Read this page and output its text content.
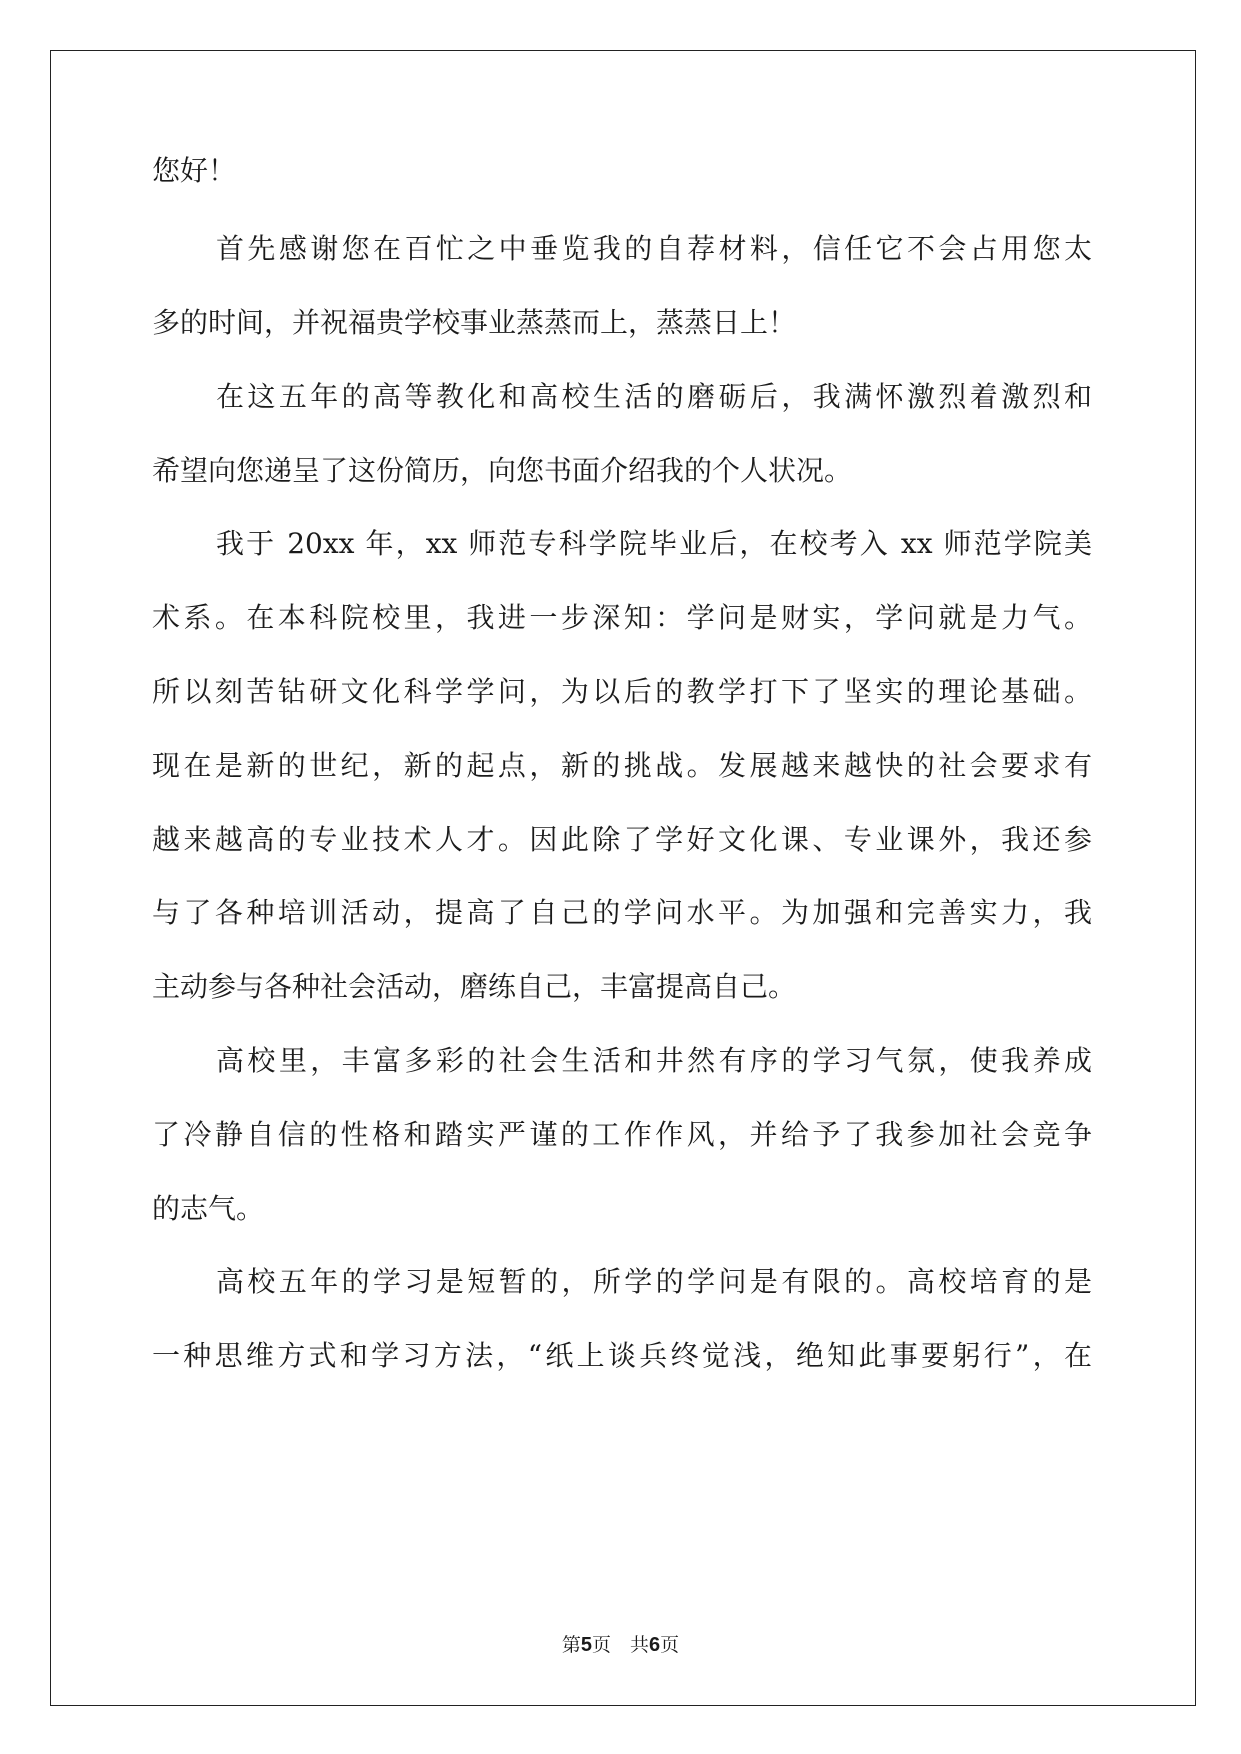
您好！
首先感谢您在百忙之中垂览我的自荐材料，信任它不会占用您太
多的时间，并祝福贵学校事业蒸蒸而上，蒸蒸日上！
在这五年的高等教化和高校生活的磨砺后，我满怀激烈着激烈和
希望向您递呈了这份简历，向您书面介绍我的个人状况。
我于 20xx 年，xx 师范专科学院毕业后，在校考入 xx 师范学院美
术系。在本科院校里，我进一步深知：学问是财实，学问就是力气。
所以刻苦钻研文化科学学问，为以后的教学打下了坚实的理论基础。
现在是新的世纪，新的起点，新的挑战。发展越来越快的社会要求有
越来越高的专业技术人才。因此除了学好文化课、专业课外，我还参
与了各种培训活动，提高了自己的学问水平。为加强和完善实力，我
主动参与各种社会活动，磨练自己，丰富提高自己。
高校里，丰富多彩的社会生活和井然有序的学习气氛，使我养成
了冷静自信的性格和踏实严谨的工作作风，并给予了我参加社会竞争
的志气。
高校五年的学习是短暂的，所学的学问是有限的。高校培育的是
一种思维方式和学习方法，“纸上谈兵终觉浅，绝知此事要躬行”，在
第5页　共6页
